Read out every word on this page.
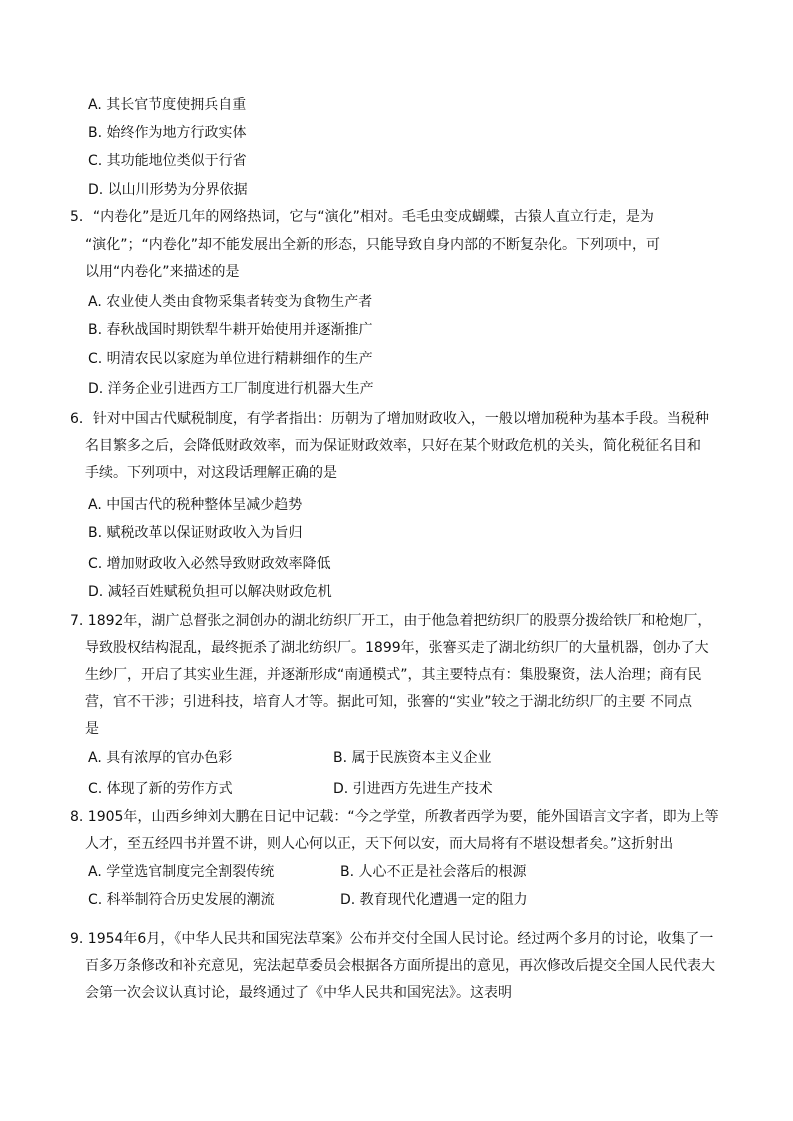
A. 其长官节度使拥兵自重
B. 始终作为地方行政实体
C. 其功能地位类似于行省
D. 以山川形势为分界依据
5．“内卷化”是近几年的网络热词，它与“演化”相对。毛毛虫变成蝴蝶，古猿人直立行走，是为
“演化”；“内卷化”却不能发展出全新的形态，只能导致自身内部的不断复杂化。下列项中，可
以用“内卷化”来描述的是
A. 农业使人类由食物采集者转变为食物生产者
B. 春秋战国时期铁犁牛耕开始使用并逐渐推广
C. 明清农民以家庭为单位进行精耕细作的生产
D. 洋务企业引进西方工厂制度进行机器大生产
6．针对中国古代赋税制度，有学者指出：历朝为了增加财政收入，一般以增加税种为基本手段。当税种
名目繁多之后，会降低财政效率，而为保证财政效率，只好在某个财政危机的关头，简化税征名目和
手续。下列项中，对这段话理解正确的是
A. 中国古代的税种整体呈减少趋势
B. 赋税改革以保证财政收入为旨归
C. 增加财政收入必然导致财政效率降低
D. 减轻百姓赋税负担可以解决财政危机
7. 1892年，湖广总督张之洞创办的湖北纺织厂开工，由于他急着把纺织厂的股票分拨给铁厂和枪炮厂，
导致股权结构混乱，最终扼杀了湖北纺织厂。1899年，张謇买走了湖北纺织厂的大量机器，创办了大
生纱厂，开启了其实业生涯，并逐渐形成“南通模式”，其主要特点有：集股聚资，法人治理；商有民
营，官不干涉；引进科技，培育人才等。据此可知，张謇的“实业”较之于湖北纺织厂的主要 不同点
是
A. 具有浓厚的官办色彩	B. 属于民族资本主义企业
C. 体现了新的劳作方式	D. 引进西方先进生产技术
8. 1905年，山西乡绅刘大鹏在日记中记载：“今之学堂，所教者西学为要，能外国语言文字者，即为上等
人才，至五经四书并置不讲，则人心何以正，天下何以安，而大局将有不堪设想者矣。”这折射出
A. 学堂选官制度完全割裂传统	B. 人心不正是社会落后的根源
C. 科举制符合历史发展的潮流	D. 教育现代化遭遇一定的阻力
9. 1954年6月，《中华人民共和国宪法草案》公布并交付全国人民讨论。经过两个多月的讨论，收集了一
百多万条修改和补充意见，宪法起草委员会根据各方面所提出的意见，再次修改后提交全国人民代表大
会第一次会议认真讨论，最终通过了《中华人民共和国宪法》。这表明
